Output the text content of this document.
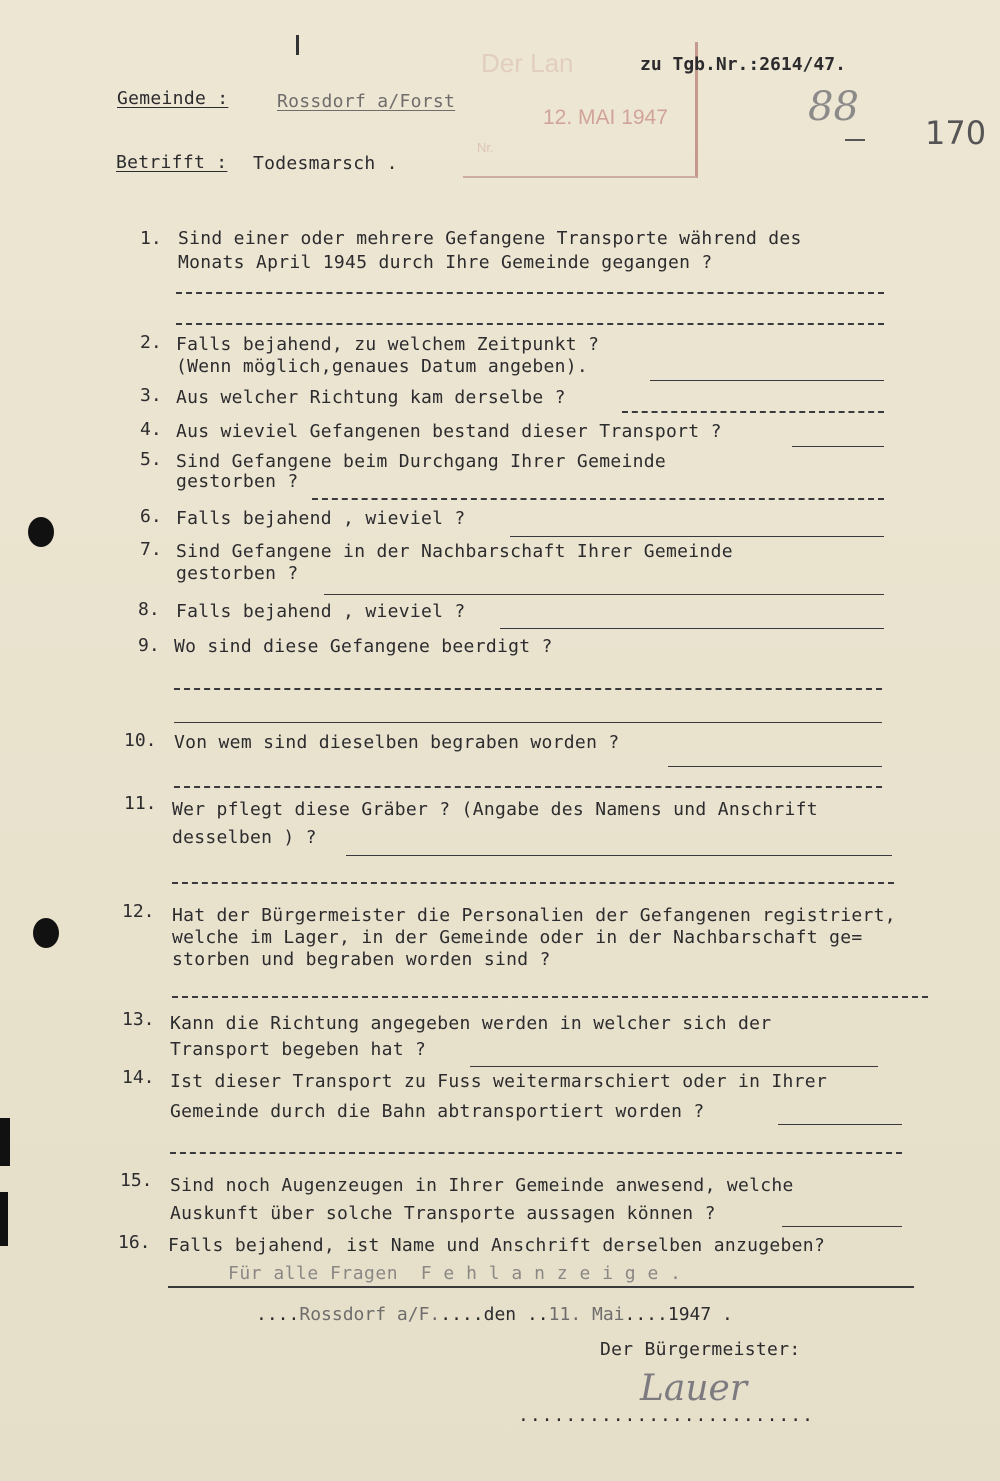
Der Lan
12. MAI 1947
Nr.
zu Tgb.Nr.:2614/47.
Gemeinde :	Rossdorf a/Forst
Betrifft : Todesmarsch .
88
170
1. Sind einer oder mehrere Gefangene Transporte während des
Monats April 1945 durch Ihre Gemeinde gegangen ?
2. Falls bejahend, zu welchem Zeitpunkt ?
(Wenn möglich,genaues Datum angeben).
3. Aus welcher Richtung kam derselbe ?
4. Aus wieviel Gefangenen bestand dieser Transport ?
5. Sind Gefangene beim Durchgang Ihrer Gemeinde
gestorben ?
6. Falls bejahend , wieviel ?
7. Sind Gefangene in der Nachbarschaft Ihrer Gemeinde
gestorben ?
8. Falls bejahend , wieviel ?
9. Wo sind diese Gefangene beerdigt ?
10. Von wem sind dieselben begraben worden ?
11. Wer pflegt diese Gräber ? (Angabe des Namens und Anschrift
desselben ) ?
12. Hat der Bürgermeister die Personalien der Gefangenen registriert,
welche im Lager, in der Gemeinde oder in der Nachbarschaft ge=
storben und begraben worden sind ?
13. Kann die Richtung angegeben werden in welcher sich der
Transport begeben hat ?
14. Ist dieser Transport zu Fuss weitermarschiert oder in Ihrer
Gemeinde durch die Bahn abtransportiert worden ?
15. Sind noch Augenzeugen in Ihrer Gemeinde anwesend, welche
Auskunft über solche Transporte aussagen können ?
16. Falls bejahend, ist Name und Anschrift derselben anzugeben?
Für alle Fragen  F e h l a n z e i g e .
....Rossdorf a/F.....den ..11. Mai....1947 .
Der Bürgermeister:
Lauer
.........................
